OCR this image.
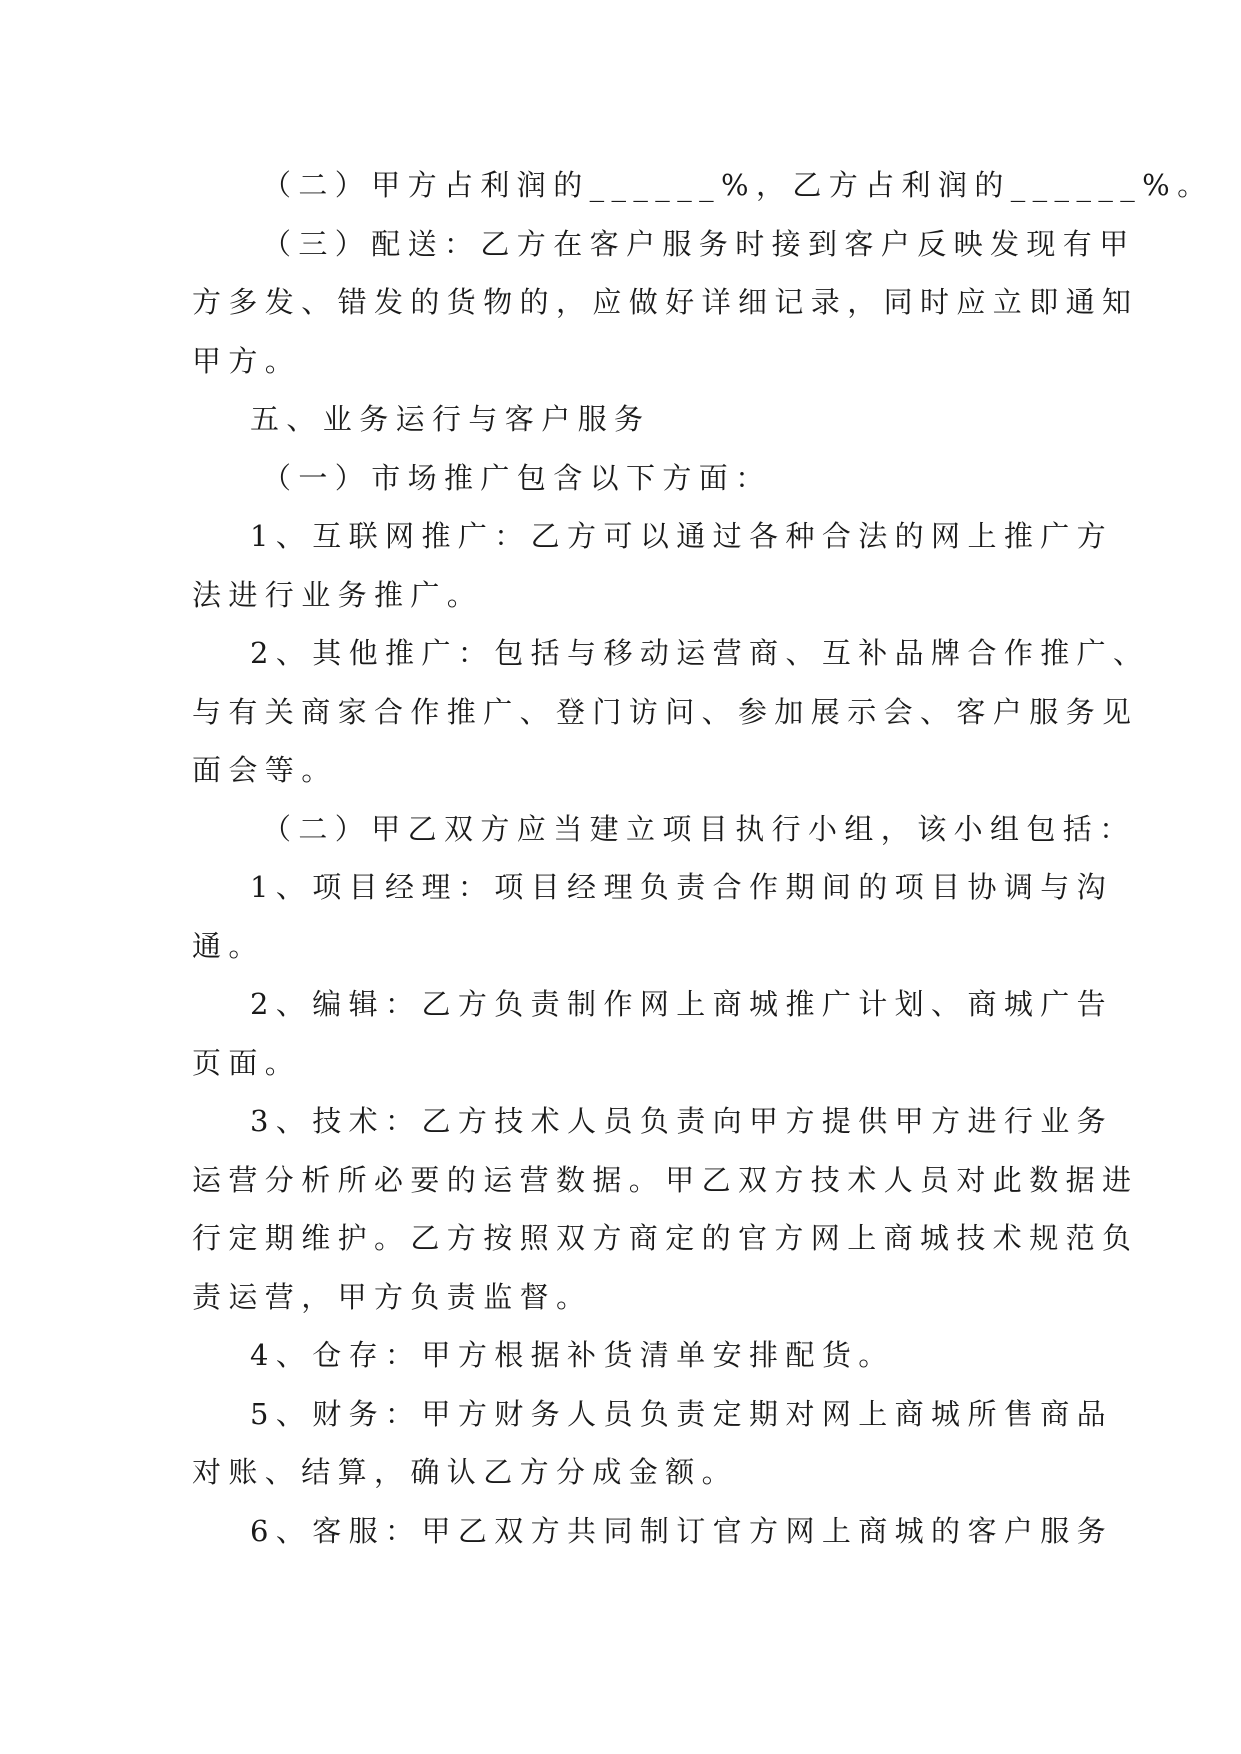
（二）甲方占利润的______%，乙方占利润的______%。
（三）配送：乙方在客户服务时接到客户反映发现有甲
方多发、错发的货物的，应做好详细记录，同时应立即通知
甲方。
五、业务运行与客户服务
（一）市场推广包含以下方面：
1、互联网推广：乙方可以通过各种合法的网上推广方
法进行业务推广。
2、其他推广：包括与移动运营商、互补品牌合作推广、
与有关商家合作推广、登门访问、参加展示会、客户服务见
面会等。
（二）甲乙双方应当建立项目执行小组，该小组包括：
1、项目经理：项目经理负责合作期间的项目协调与沟
通。
2、编辑：乙方负责制作网上商城推广计划、商城广告
页面。
3、技术：乙方技术人员负责向甲方提供甲方进行业务
运营分析所必要的运营数据。甲乙双方技术人员对此数据进
行定期维护。乙方按照双方商定的官方网上商城技术规范负
责运营，甲方负责监督。
4、仓存：甲方根据补货清单安排配货。
5、财务：甲方财务人员负责定期对网上商城所售商品
对账、结算，确认乙方分成金额。
6、客服：甲乙双方共同制订官方网上商城的客户服务
